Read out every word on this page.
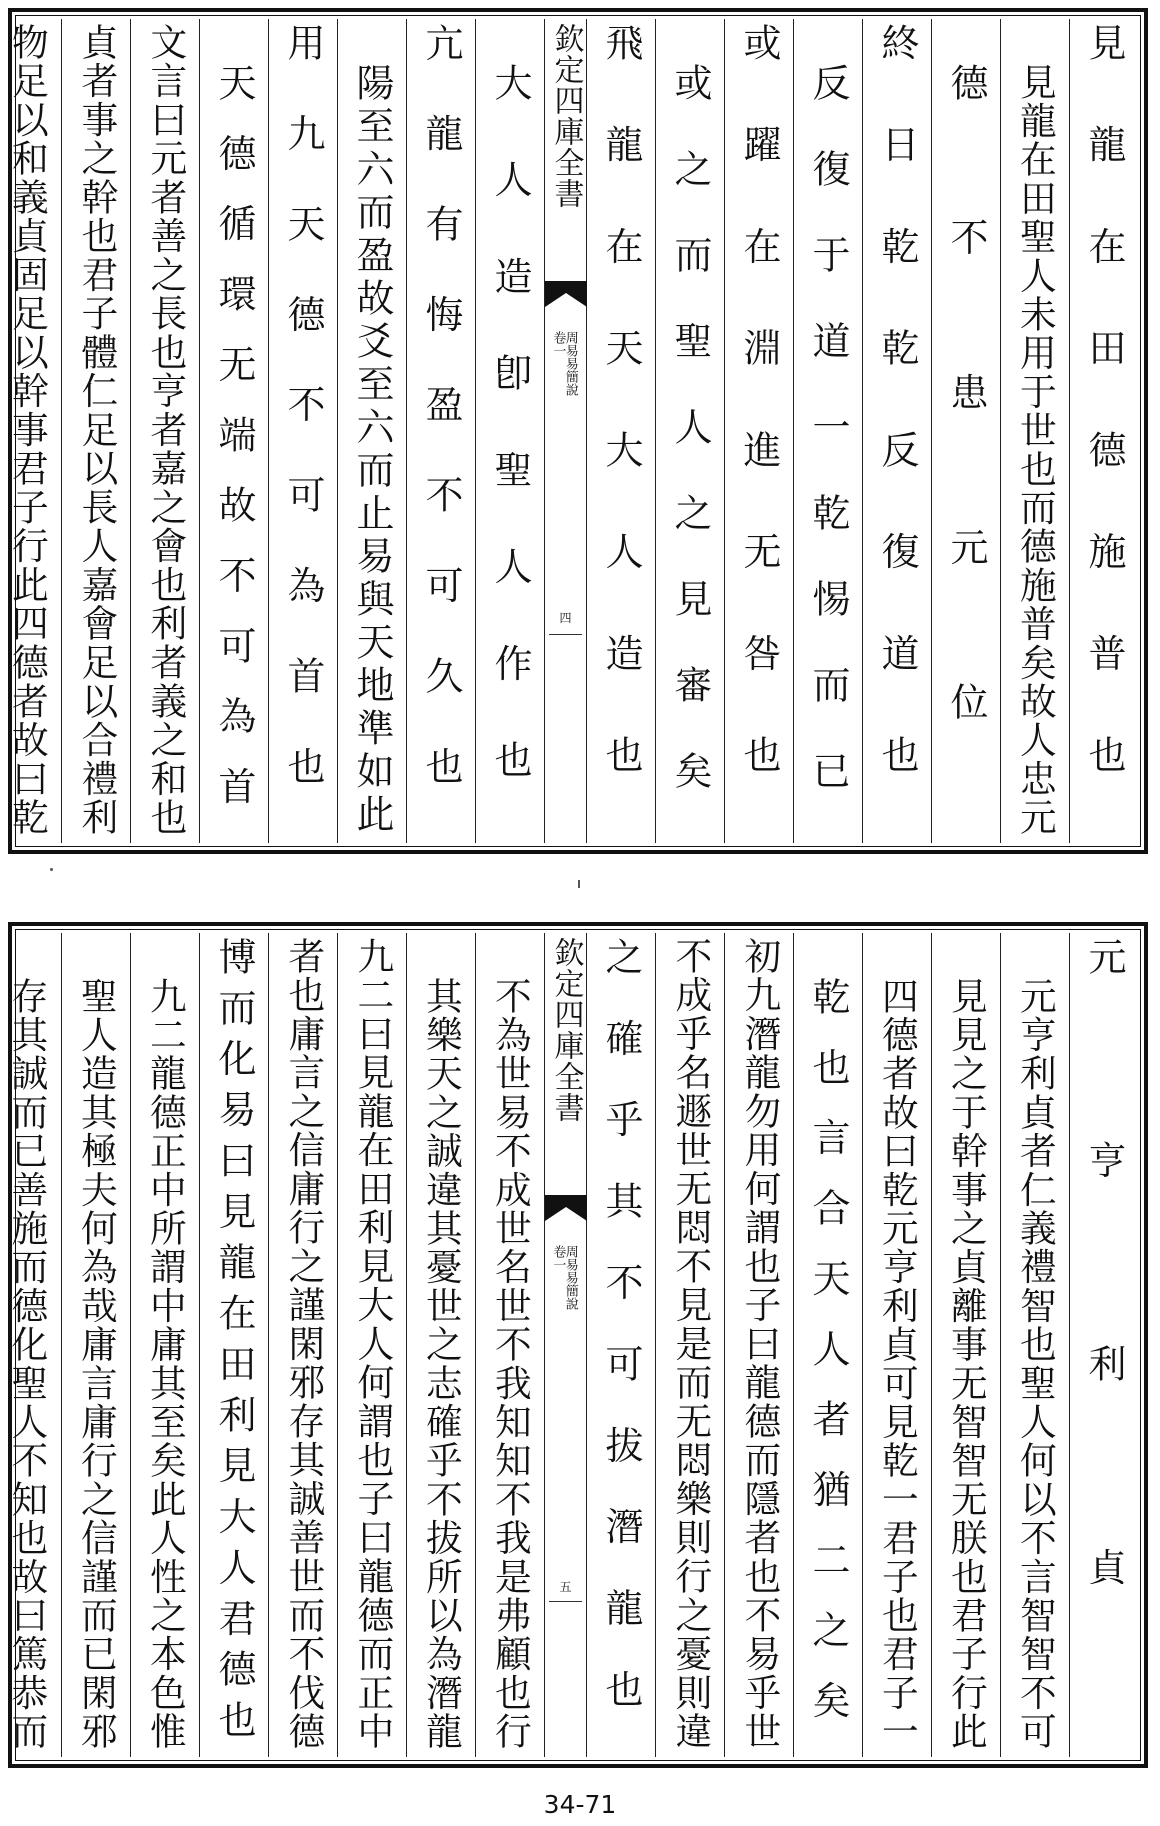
見龍在田德施普也
見龍在田聖人未用于世也而德施普矣故人忠元
德不患元位
終日乾乾反復道也
反復于道一乾惕而已
或躍在淵進无咎也
或之而聖人之見審矣
飛龍在天大人造也
欽定四庫全書
周易易簡說
卷一
四
大人造卽聖人作也
亢龍有悔盈不可久也
陽至六而盈故爻至六而止易與天地準如此
用九天德不可為首也
天德循環无端故不可為首
文言曰元者善之長也亨者嘉之會也利者義之和也
貞者事之幹也君子體仁足以長人嘉會足以合禮利
物足以和義貞固足以幹事君子行此四德者故曰乾
元亨利貞
元亨利貞者仁義禮智也聖人何以不言智智不可
見見之于幹事之貞離事无智智无朕也君子行此
四德者故曰乾元亨利貞可見乾一君子也君子一
乾也言合天人者猶二之矣
初九潛龍勿用何謂也子曰龍德而隱者也不易乎世
不成乎名遯世无悶不見是而无悶樂則行之憂則違
之確乎其不可拔潛龍也
欽定四庫全書
周易易簡說
卷一
五
不為世易不成世名世不我知知不我是弗顧也行
其樂天之誠違其憂世之志確乎不拔所以為潛龍
九二曰見龍在田利見大人何謂也子曰龍德而正中
者也庸言之信庸行之謹閑邪存其誠善世而不伐德
博而化易曰見龍在田利見大人君德也
九二龍德正中所謂中庸其至矣此人性之本色惟
聖人造其極夫何為哉庸言庸行之信謹而已閑邪
存其誠而已善施而德化聖人不知也故曰篤恭而
34-71
